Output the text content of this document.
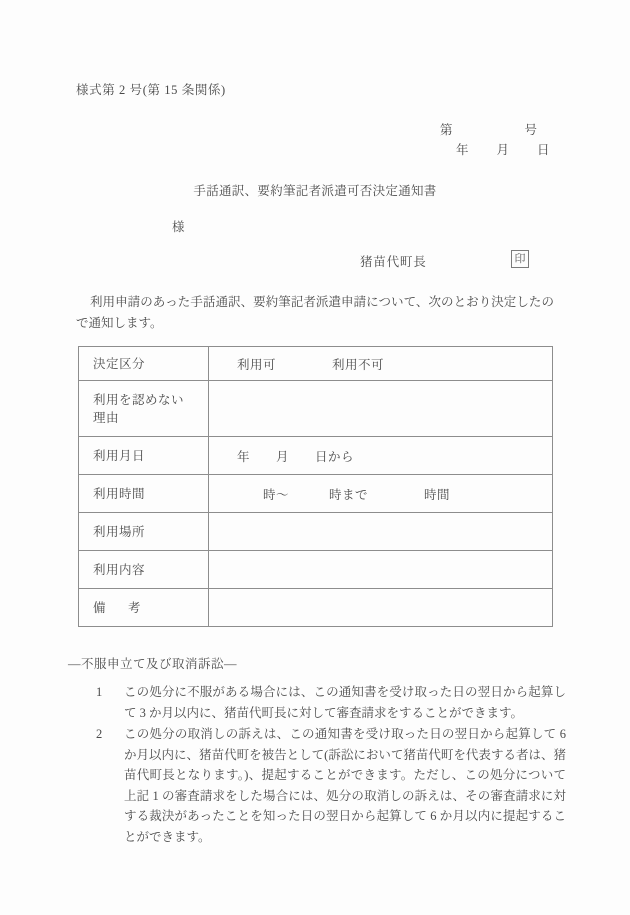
様式第 2 号(第 15 条関係)
第	号
年 月 日
手話通訳、要約筆記者派遣可否決定通知書
様
猪苗代町長	印
利用申請のあった手話通訳、要約筆記者派遣申請について、次のとおり決定したので通知します。
決定区分	利用可 利用不可
利用を認めない
理由	
利用月日	年 月 日から
利用時間	時〜 時まで 時間
利用場所	
利用内容	
備 考	
―不服申立て及び取消訴訟―
1	この処分に不服がある場合には、この通知書を受け取った日の翌日から起算して 3 か月以内に、猪苗代町長に対して審査請求をすることができます。
2	この処分の取消しの訴えは、この通知書を受け取った日の翌日から起算して 6 か月以内に、猪苗代町を被告として(訴訟において猪苗代町を代表する者は、猪苗代町長となります。)、提起することができます。ただし、この処分について上記 1 の審査請求をした場合には、処分の取消しの訴えは、その審査請求に対する裁決があったことを知った日の翌日から起算して 6 か月以内に提起することができます。
